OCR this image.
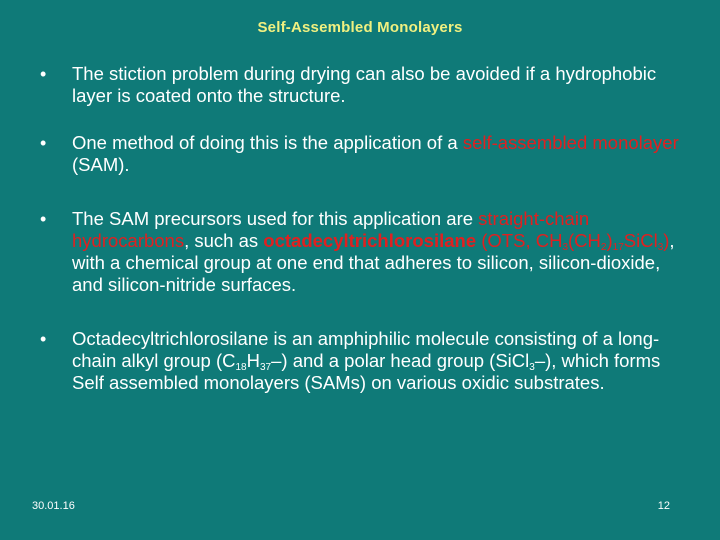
Self-Assembled Monolayers
• The stiction problem during drying can also be avoided if a hydrophobic layer is coated onto the structure.
• One method of doing this is the application of a self-assembled monolayer (SAM).
• The SAM precursors used for this application are straight-chain hydrocarbons, such as octadecyltrichlorosilane (OTS, $CH_3(CH_2)_{17}SiCl_3$), with a chemical group at one end that adheres to silicon, silicon-dioxide, and silicon-nitride surfaces.
• Octadecyltrichlorosilane is an amphiphilic molecule consisting of a long-chain alkyl group $(C_{18}H_{37}-)$ and a polar head group (SiCl$_3$–), which forms Self assembled monolayers (SAMs) on various oxidic substrates.
30.01.16	12
